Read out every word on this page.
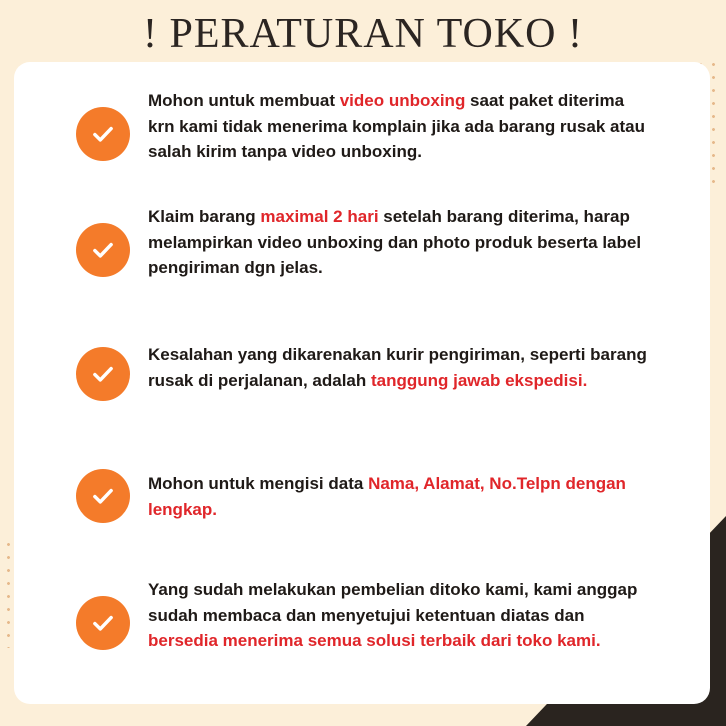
! PERATURAN TOKO !

Mohon untuk membuat video unboxing saat paket diterima krn kami tidak menerima komplain jika ada barang rusak atau salah kirim tanpa video unboxing.

Klaim barang maximal 2 hari setelah barang diterima, harap melampirkan video unboxing dan photo produk beserta label pengiriman dgn jelas.

Kesalahan yang dikarenakan kurir pengiriman, seperti barang rusak di perjalanan, adalah tanggung jawab ekspedisi.

Mohon untuk mengisi data Nama, Alamat, No.Telpn dengan lengkap.

Yang sudah melakukan pembelian ditoko kami, kami anggap sudah membaca dan menyetujui ketentuan diatas dan bersedia menerima semua solusi terbaik dari toko kami.
